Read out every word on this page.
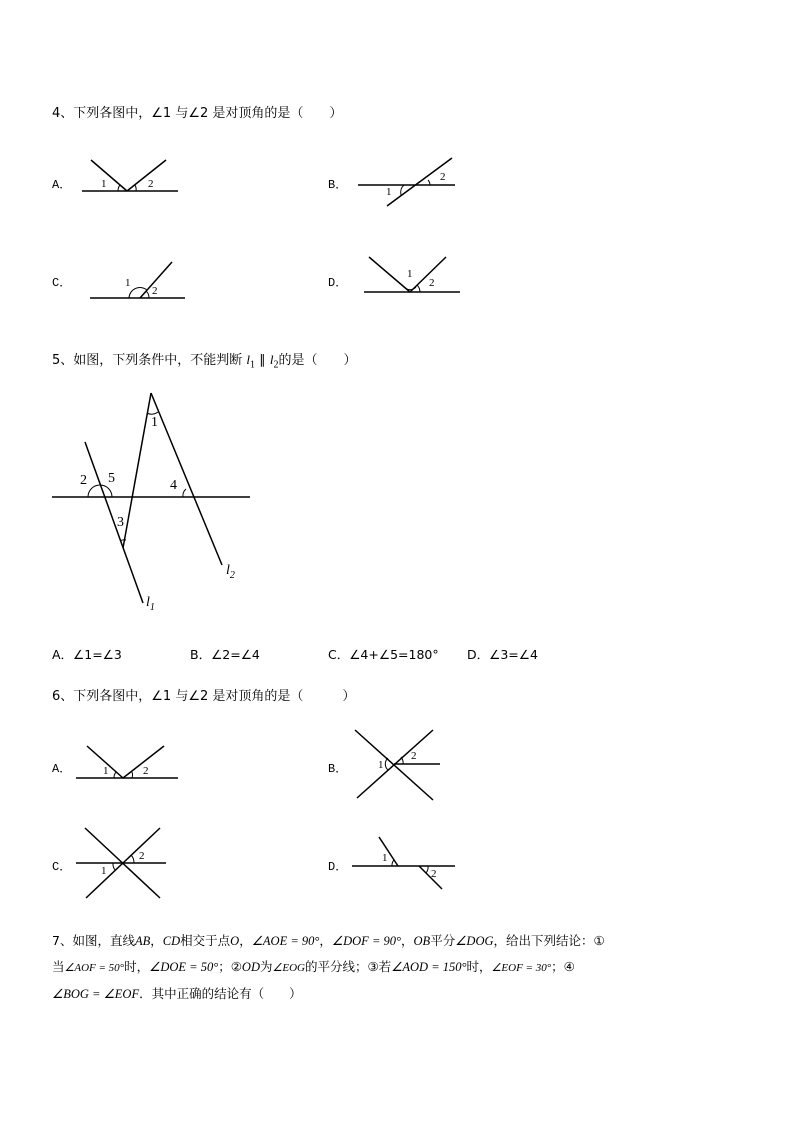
4、下列各图中，∠1 与∠2 是对顶角的是（　　）
A．	B．
C．	D．
1	2
1
2
1
2
1
2
5、如图，下列条件中，不能判断 $l_1$ ∥ $l_2$的是（　　）
1
2
3
4
5
$l_1$
$l_2$
A．∠1=∠3	B．∠2=∠4	C．∠4+∠5=180° D．∠3=∠4
6、下列各图中，∠1 与∠2 是对顶角的是（　　　）
A．	B．
C．	D．
1	2	1
2
1
2	1
2
7、如图，直线AB，CD相交于点O，∠AOE = 90°，∠DOF = 90°，OB平分∠DOG，给出下列结论：①
当∠AOF = 50°时，∠DOE = 50°；②OD为∠EOG的平分线；③若∠AOD = 150°时，∠EOF = 30°；④
∠BOG = ∠EOF．其中正确的结论有（　　）
